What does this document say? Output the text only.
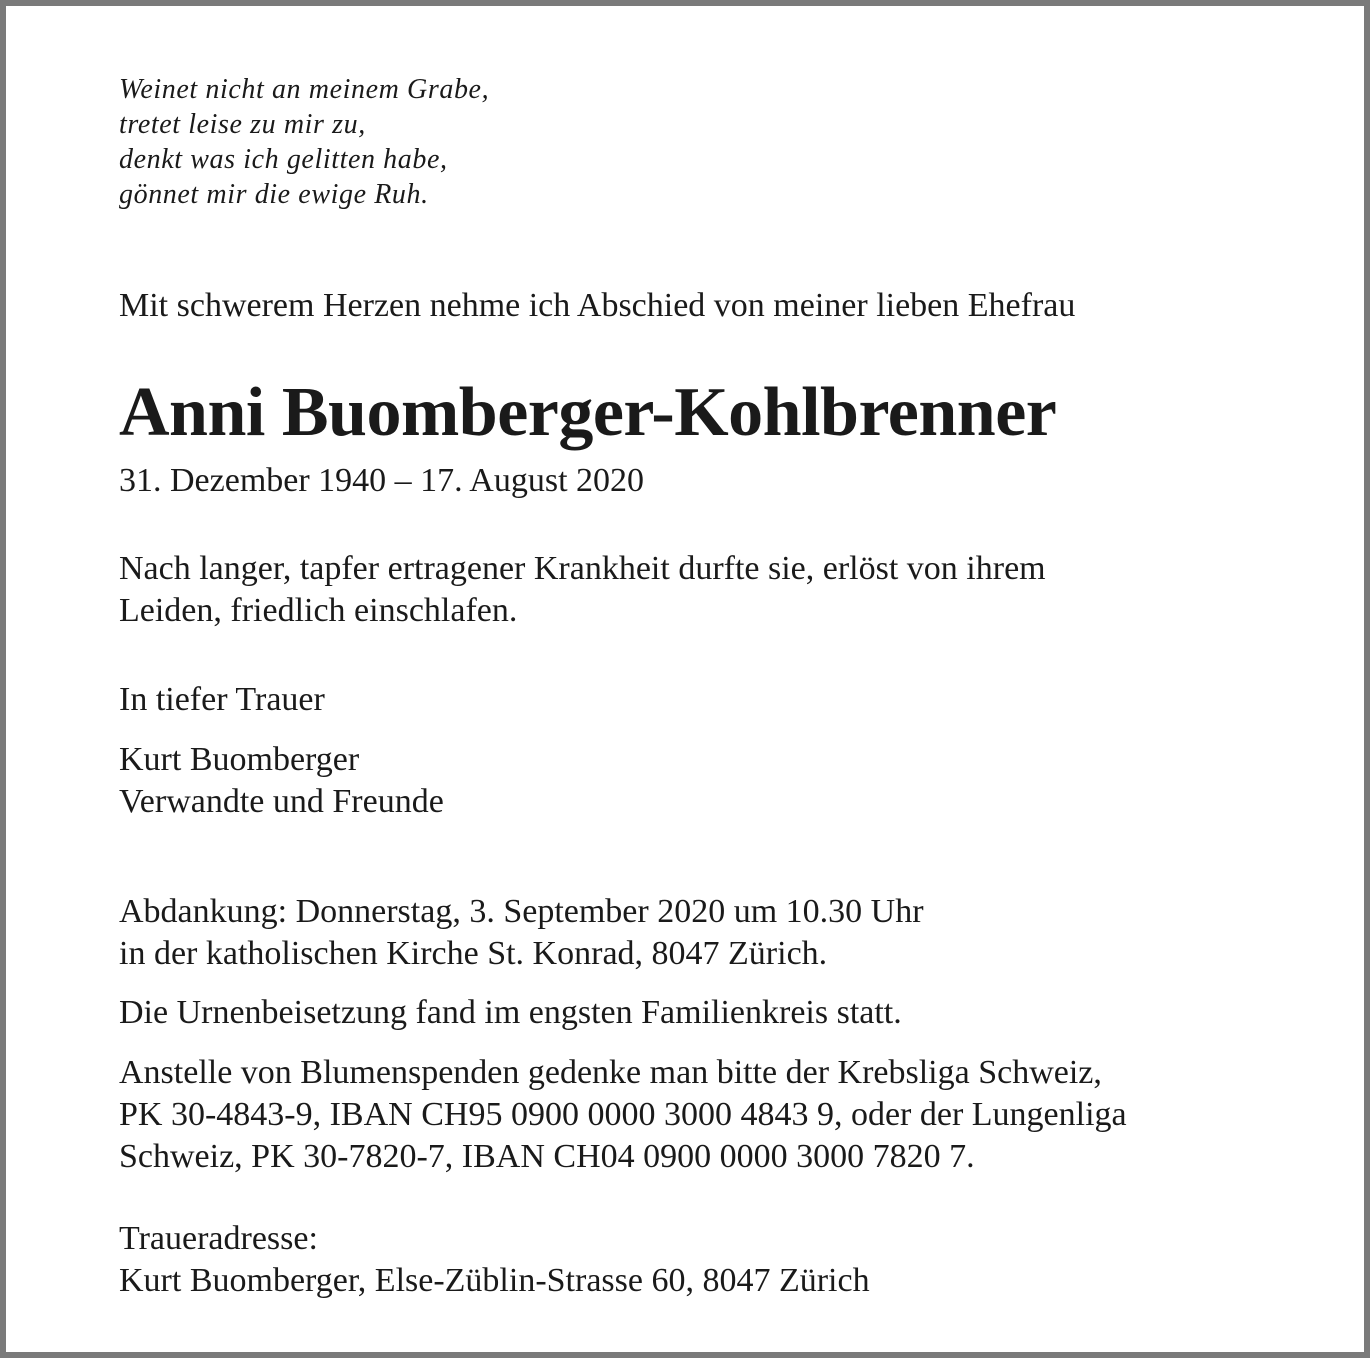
Weinet nicht an meinem Grabe,
tretet leise zu mir zu,
denkt was ich gelitten habe,
gönnet mir die ewige Ruh.
Mit schwerem Herzen nehme ich Abschied von meiner lieben Ehefrau
Anni Buomberger-Kohlbrenner
31. Dezember 1940 – 17. August 2020
Nach langer, tapfer ertragener Krankheit durfte sie, erlöst von ihrem
Leiden, friedlich einschlafen.
In tiefer Trauer
Kurt Buomberger
Verwandte und Freunde
Abdankung: Donnerstag, 3. September 2020 um 10.30 Uhr
in der katholischen Kirche St. Konrad, 8047 Zürich.
Die Urnenbeisetzung fand im engsten Familienkreis statt.
Anstelle von Blumenspenden gedenke man bitte der Krebsliga Schweiz,
PK 30-4843-9, IBAN CH95 0900 0000 3000 4843 9, oder der Lungenliga
Schweiz, PK 30-7820-7, IBAN CH04 0900 0000 3000 7820 7.
Traueradresse:
Kurt Buomberger, Else-Züblin-Strasse 60, 8047 Zürich
